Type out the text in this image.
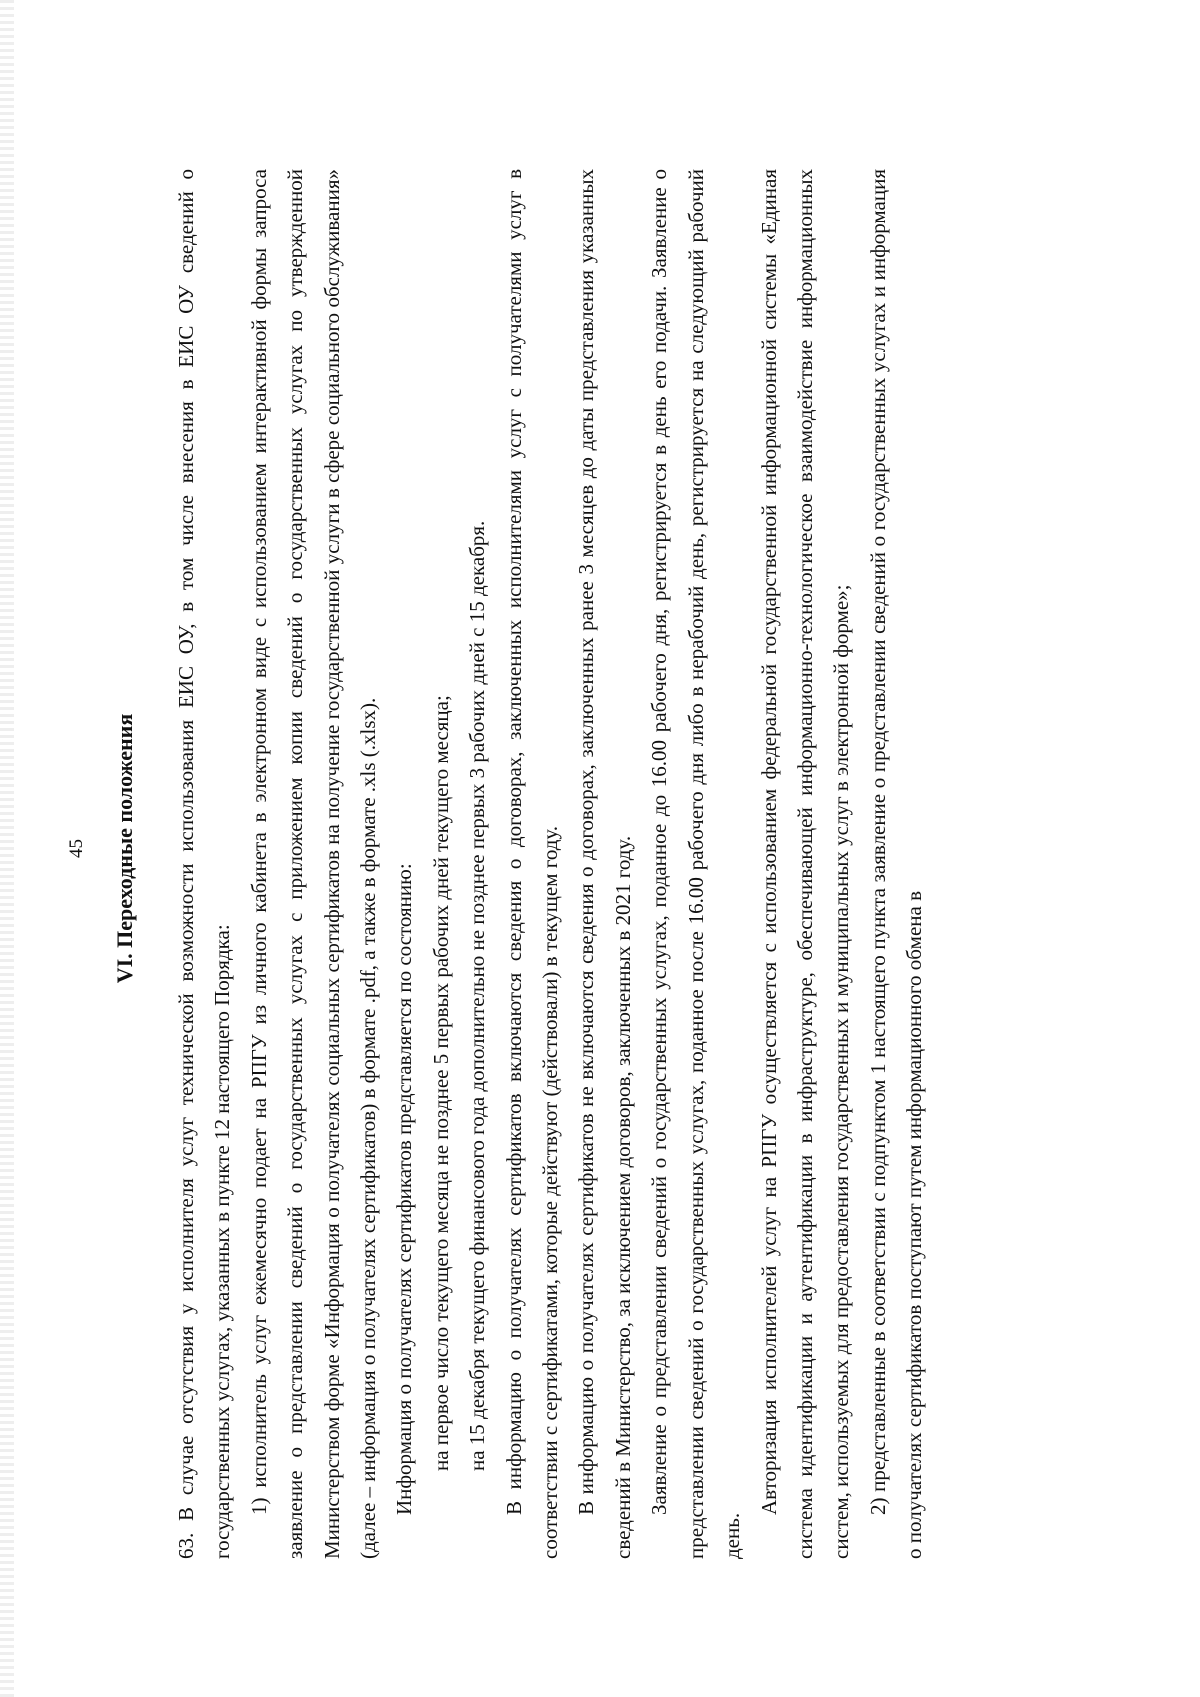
45 VI. Переходные положения 63. В случае отсутствия у исполнителя услуг технической возможности использования ЕИС ОУ, в том числе внесения в ЕИС ОУ сведений о государственных услугах, указанных в пункте 12 настоящего Порядка: 1) исполнитель услуг ежемесячно подает на РПГУ из личного кабинета в электронном виде с использованием интерактивной формы запроса заявление о представлении сведений о государственных услугах с приложением копии сведений о государственных услугах по утвержденной Министерством форме «Информация о получателях социальных сертификатов на получение государственной услуги в сфере социального обслуживания» (далее – информация о получателях сертификатов) в формате .pdf, а также в формате .xls (.xlsx). Информация о получателях сертификатов представляется по состоянию: на первое число текущего месяца не позднее 5 первых рабочих дней текущего месяца; на 15 декабря текущего финансового года дополнительно не позднее первых 3 рабочих дней с 15 декабря. В информацию о получателях сертификатов включаются сведения о договорах, заключенных исполнителями услуг с получателями услуг в соответствии с сертификатами, которые действуют (действовали) в текущем году. В информацию о получателях сертификатов не включаются сведения о договорах, заключенных ранее 3 месяцев до даты представления указанных сведений в Министерство, за исключением договоров, заключенных в 2021 году. Заявление о представлении сведений о государственных услугах, поданное до 16.00 рабочего дня, регистрируется в день его подачи. Заявление о представлении сведений о государственных услугах, поданное после 16.00 рабочего дня либо в нерабочий день, регистрируется на следующий рабочий день.

Авторизация исполнителей услуг на РПГУ осуществляется с использованием федеральной государственной информационной системы «Единая система идентификации и аутентификации в инфраструктуре, обеспечивающей информационно-технологическое взаимодействие информационных систем, используемых для предоставления государственных и муниципальных услуг в электронной форме»; 2) представленные в соответствии с подпунктом 1 настоящего пункта заявление о представлении сведений о государственных услугах и информация о получателях сертификатов поступают путем информационного обмена в
